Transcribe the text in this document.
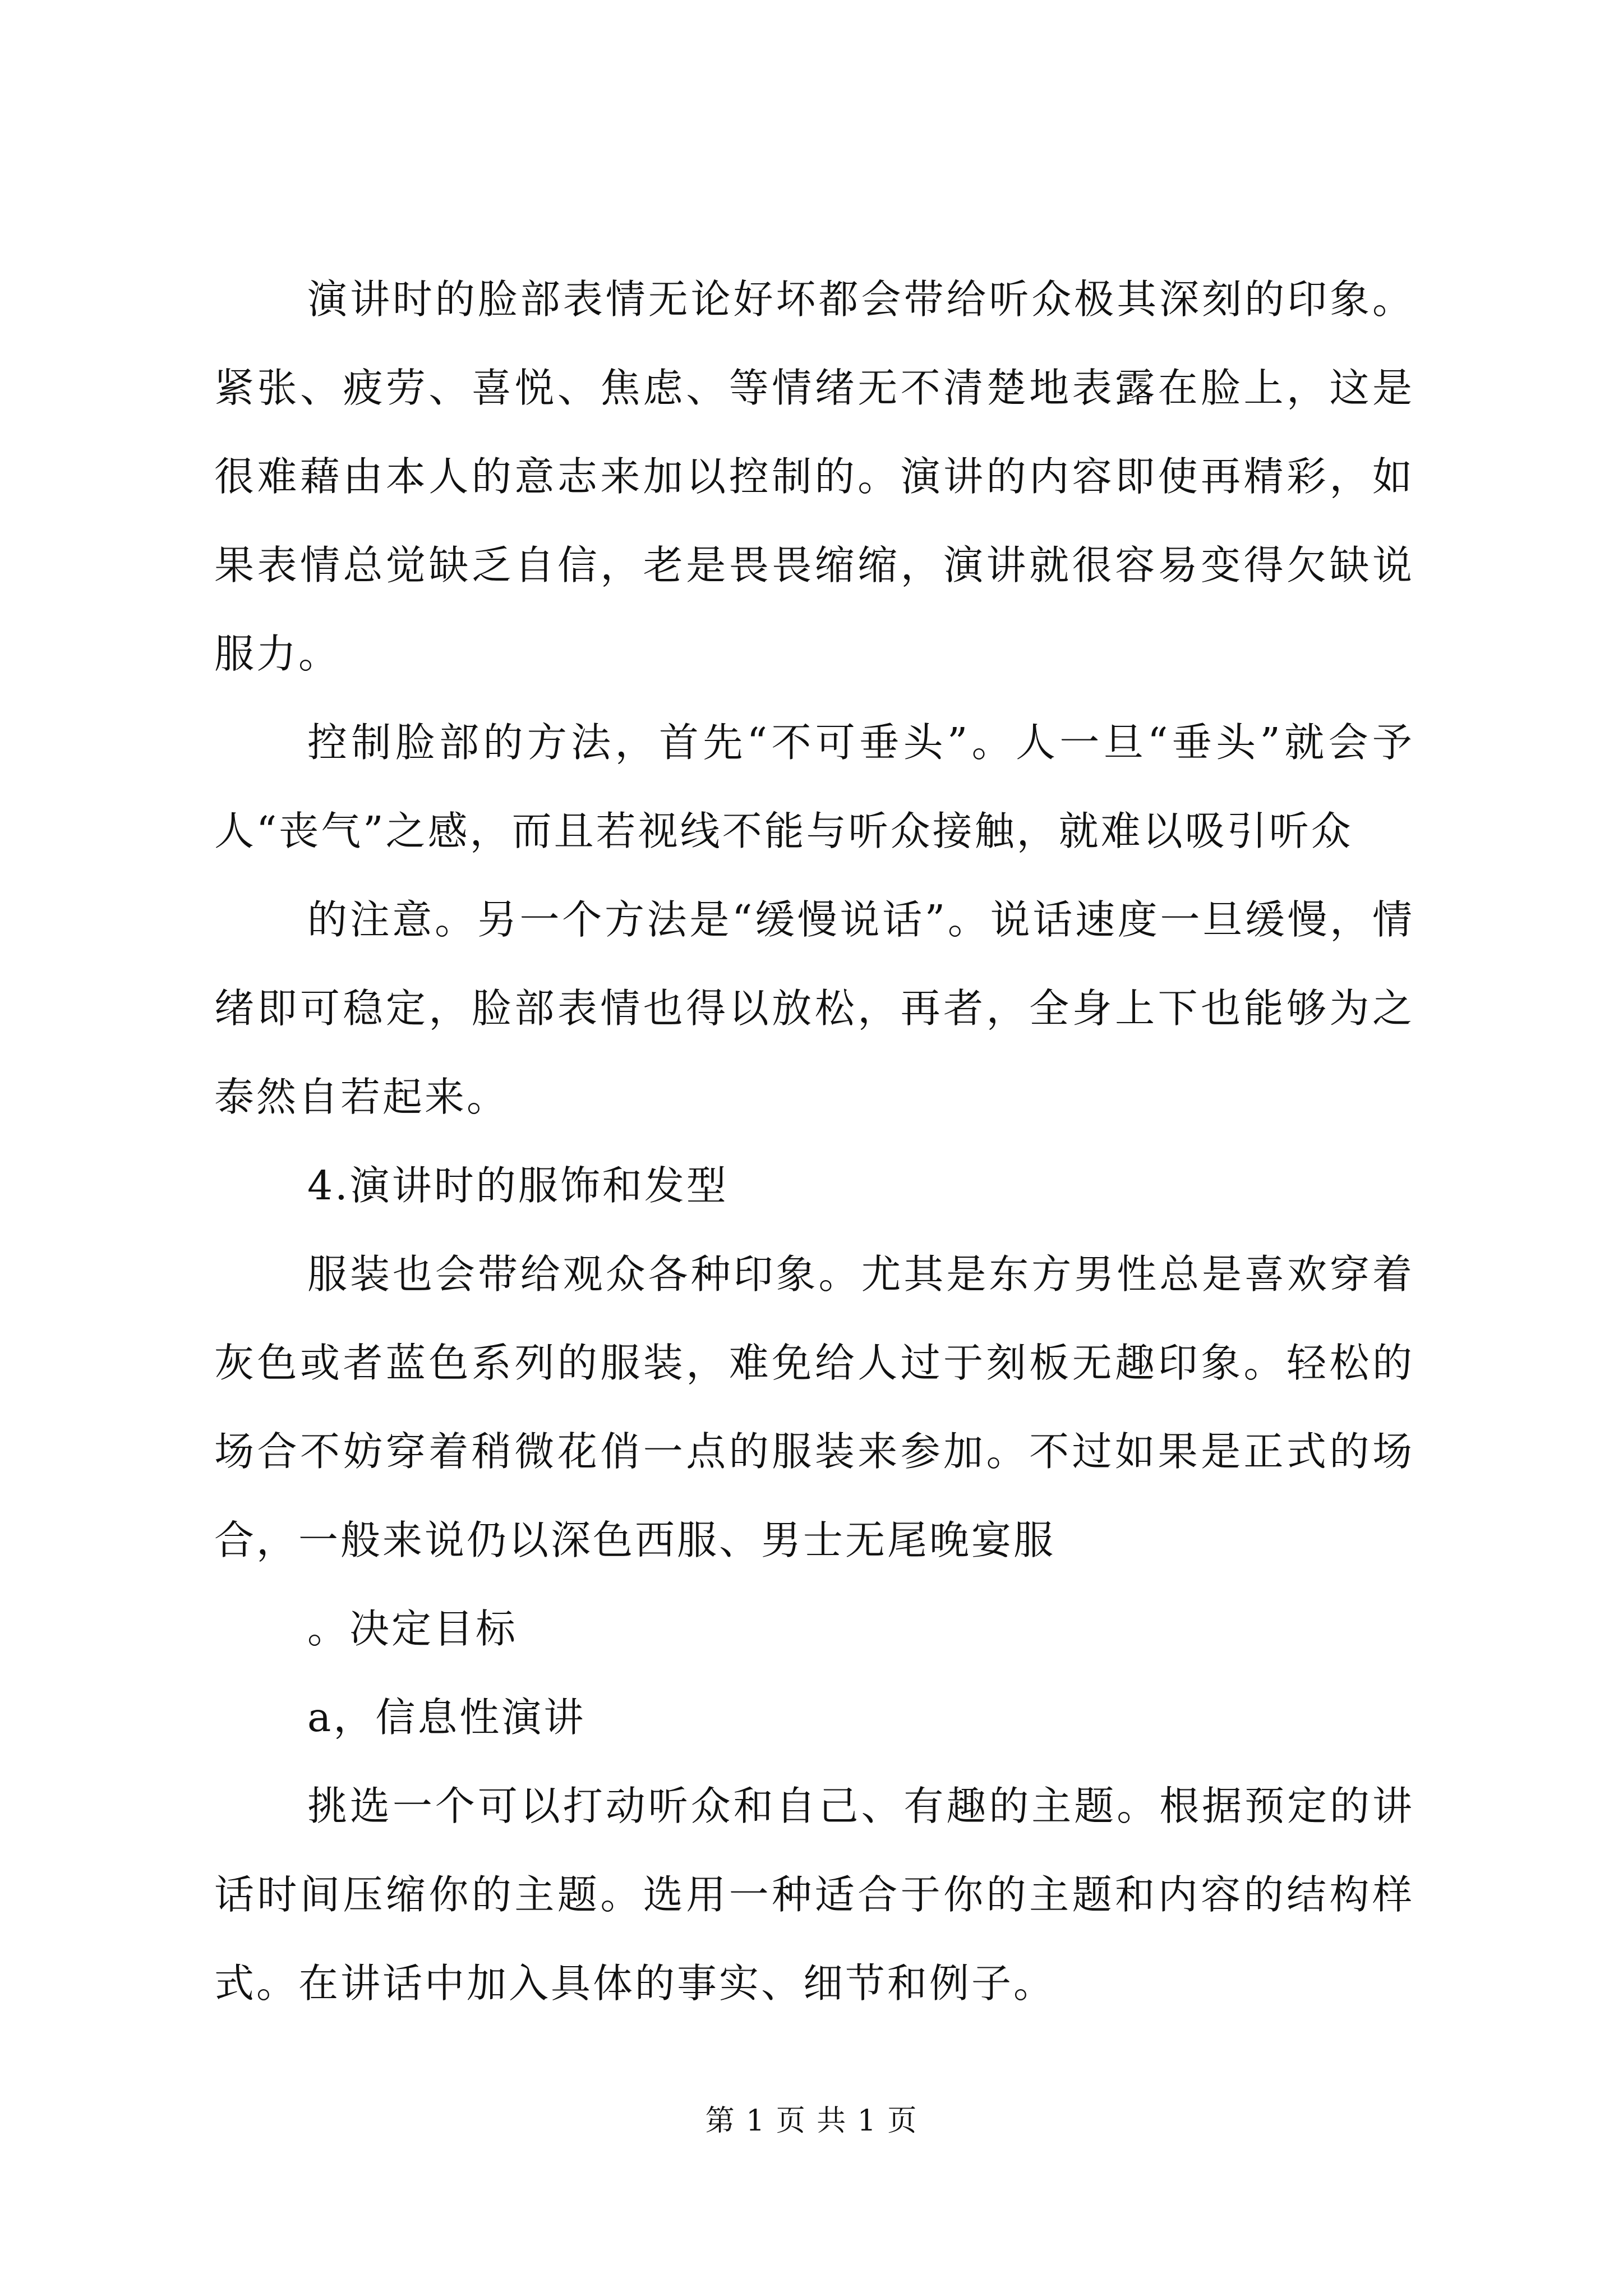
演讲时的脸部表情无论好坏都会带给听众极其深刻的印象。紧张、疲劳、喜悦、焦虑、等情绪无不清楚地表露在脸上，这是很难藉由本人的意志来加以控制的。演讲的内容即使再精彩，如果表情总觉缺乏自信，老是畏畏缩缩，演讲就很容易变得欠缺说服力。

控制脸部的方法，首先“不可垂头”。人一旦“垂头”就会予人“丧气”之感，而且若视线不能与听众接触，就难以吸引听众

的注意。另一个方法是“缓慢说话”。说话速度一旦缓慢，情绪即可稳定，脸部表情也得以放松，再者，全身上下也能够为之泰然自若起来。

4.演讲时的服饰和发型

服装也会带给观众各种印象。尤其是东方男性总是喜欢穿着灰色或者蓝色系列的服装，难免给人过于刻板无趣印象。轻松的场合不妨穿着稍微花俏一点的服装来参加。不过如果是正式的场合，一般来说仍以深色西服、男士无尾晚宴服

。决定目标

a，信息性演讲

挑选一个可以打动听众和自己、有趣的主题。根据预定的讲话时间压缩你的主题。选用一种适合于你的主题和内容的结构样式。在讲话中加入具体的事实、细节和例子。

第 1 页 共 1 页
